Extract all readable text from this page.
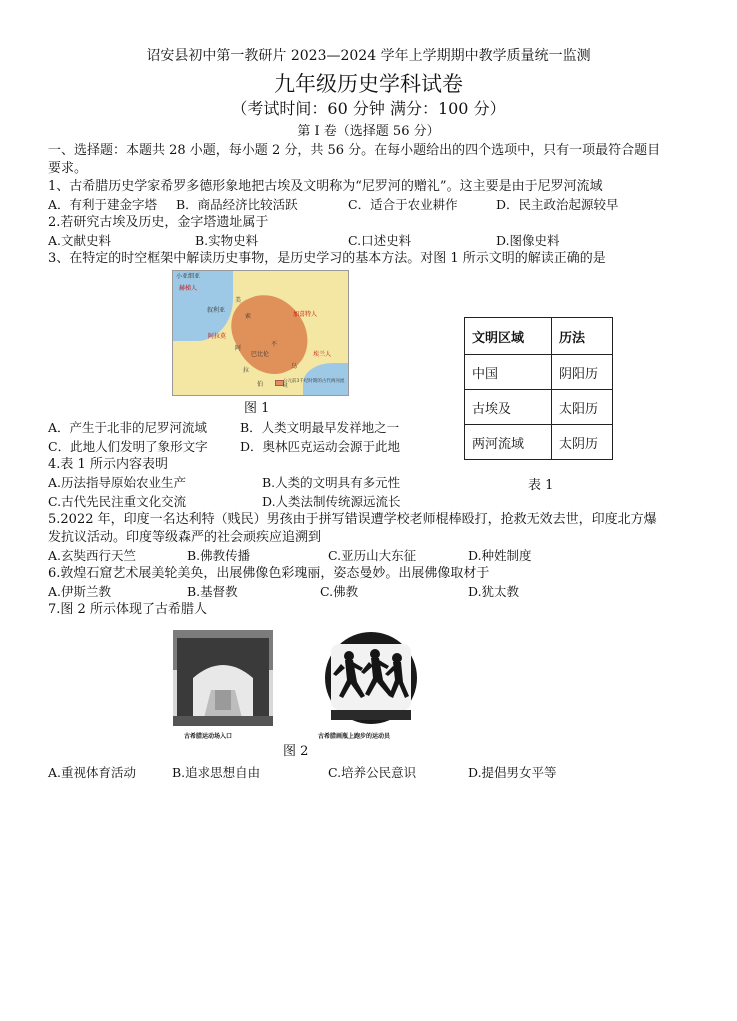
诏安县初中第一教研片 2023—2024 学年上学期期中教学质量统一监测
九年级历史学科试卷
（考试时间：60 分钟 满分：100 分）
第 I 卷（选择题 56 分）
一、选择题：本题共 28 小题，每小题 2 分，共 56 分。在每小题给出的四个选项中，只有一项最符合题目
要求。
1、古希腊历史学家希罗多德形象地把古埃及文明称为“尼罗河的赠礼”。这主要是由于尼罗河流域
A．有利于建金字塔 B．商品经济比较活跃	C．适合于农业耕作	D．民主政治起源较早
2.若研究古埃及历史，金字塔遗址属于
A.文献史料	B.实物史料	C.口述史料	D.图像史料
3、在特定的时空框架中解读历史事物，是历史学习的基本方法。对图 1 所示文明的解读正确的是
小亚细亚
赫梯人
叙利亚
美
索	加喜特人
阿拉莫
阿
巴比伦
不
埃兰人
乌
拉
伯	公元前3千纪时期的古代两河流域
图 1
文明区域	历法
中国	阴阳历
古埃及	太阳历
两河流域	太阴历
表 1
A．产生于北非的尼罗河流域	B．人类文明最早发祥地之一
C．此地人们发明了象形文字	D．奥林匹克运动会源于此地
4.表 1 所示内容表明
A.历法指导原始农业生产	B.人类的文明具有多元性
C.古代先民注重文化交流	D.人类法制传统源远流长
5.2022 年，印度一名达利特（贱民）男孩由于拼写错误遭学校老师棍棒殴打，抢救无效去世，印度北方爆
发抗议活动。印度等级森严的社会顽疾应追溯到
A.玄奘西行天竺	B.佛教传播	C.亚历山大东征	D.种姓制度
6.敦煌石窟艺术展美轮美奂，出展佛像色彩瑰丽，姿态曼妙。出展佛像取材于
A.伊斯兰教	B.基督教	C.佛教	D.犹太教
7.图 2 所示体现了古希腊人
古希腊运动场入口	古希腊画瓶上跑步的运动员
图 2
A.重视体育活动	B.追求思想自由	C.培养公民意识	D.提倡男女平等
